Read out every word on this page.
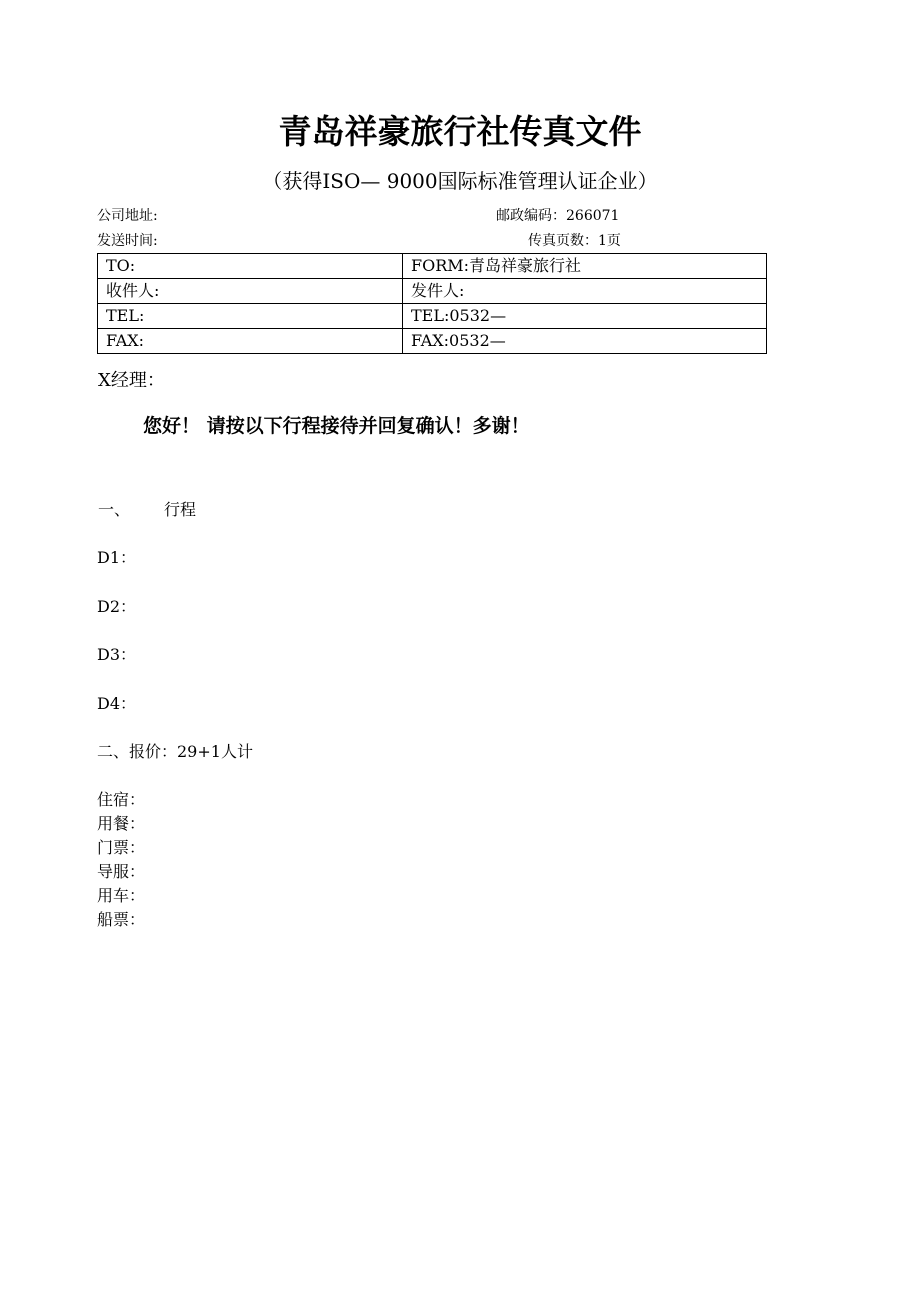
青岛祥豪旅行社传真文件
（获得ISO— 9000国际标准管理认证企业）
公司地址:	邮政编码：266071
发送时间:	传真页数：1页
TO:	FORM:青岛祥豪旅行社
收件人:	发件人:
TEL:	TEL:0532—
FAX:	FAX:0532—
X经理：
您好！ 请按以下行程接待并回复确认！多谢！
一、 行程
D1：
D2：
D3：
D4：
二、报价：29+1人计
住宿：
用餐：
门票：
导服：
用车：
船票：
